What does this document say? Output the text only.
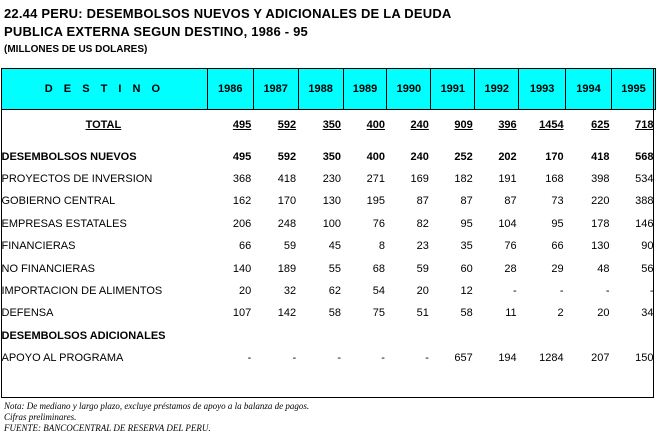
22.44 PERU: DESEMBOLSOS NUEVOS Y ADICIONALES DE LA DEUDA
PUBLICA EXTERNA SEGUN DESTINO, 1986 - 95
(MILLONES DE US DOLARES)
D E S T I N O	1986	1987	1988	1989	1990	1991	1992	1993	1994	1995
TOTAL	495	592	350	400	240	909	396	1454	625	718

DESEMBOLSOS NUEVOS	495	592	350	400	240	252	202	170	418	568
PROYECTOS DE INVERSION	368	418	230	271	169	182	191	168	398	534
GOBIERNO CENTRAL	162	170	130	195	87	87	87	73	220	388
EMPRESAS ESTATALES	206	248	100	76	82	95	104	95	178	146
FINANCIERAS	66	59	45	8	23	35	76	66	130	90
NO FINANCIERAS	140	189	55	68	59	60	28	29	48	56
IMPORTACION DE ALIMENTOS	20	32	62	54	20	12	-	-	-	-
DEFENSA	107	142	58	75	51	58	11	2	20	34
DESEMBOLSOS ADICIONALES										
APOYO AL PROGRAMA	-	-	-	-	-	657	194	1284	207	150
Nota: De mediano y largo plazo, excluye préstamos de apoyo a la balanza de pagos.
Cifras preliminares.
FUENTE: BANCOCENTRAL DE RESERVA DEL PERU.
